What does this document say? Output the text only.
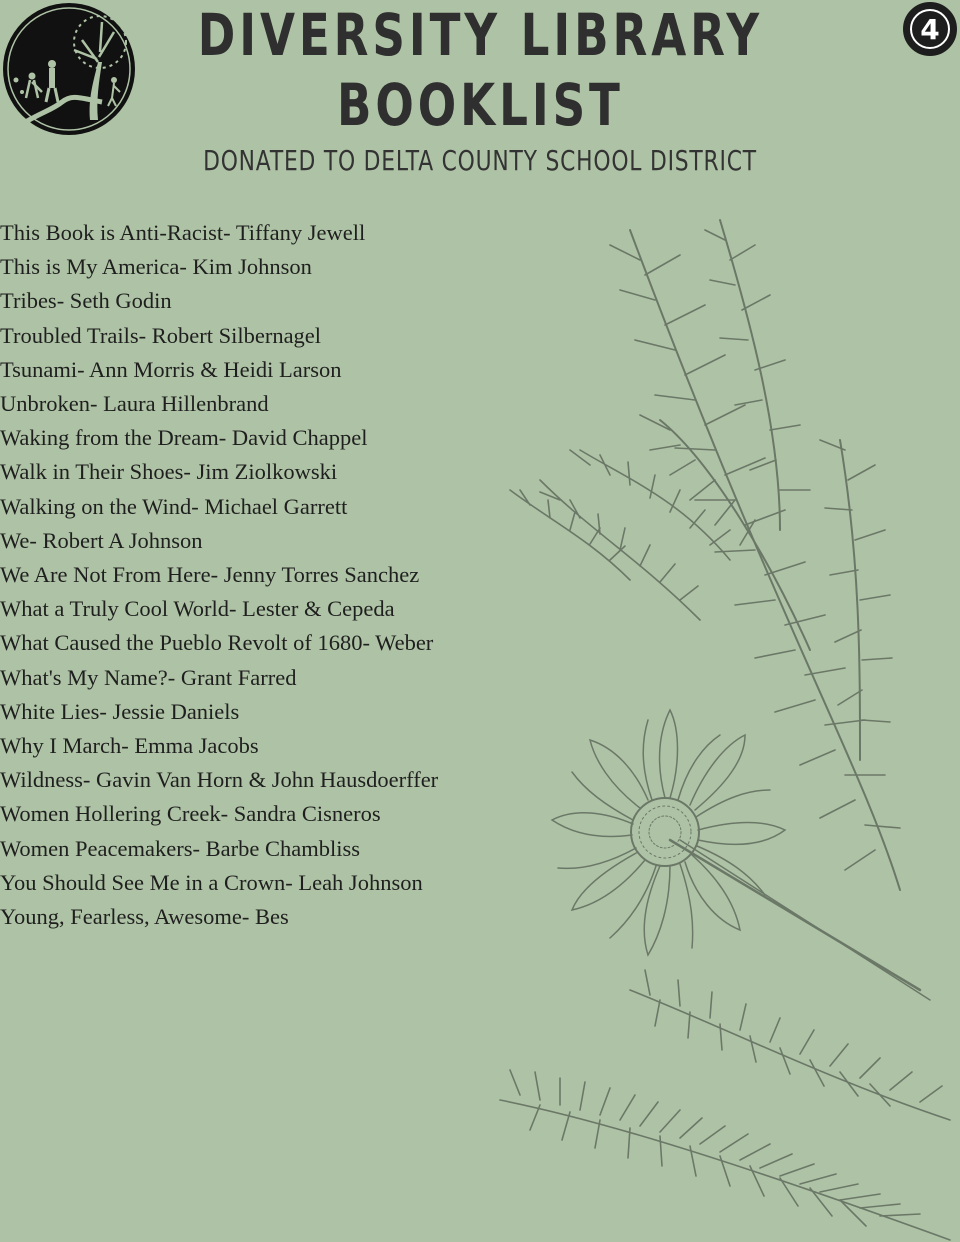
DIVERSITY LIBRARY
BOOKLIST
DONATED TO DELTA COUNTY SCHOOL DISTRICT
4
This Book is Anti-Racist- Tiffany Jewell
This is My America- Kim Johnson
Tribes- Seth Godin
Troubled Trails- Robert Silbernagel
Tsunami- Ann Morris & Heidi Larson
Unbroken- Laura Hillenbrand
Waking from the Dream- David Chappel
Walk in Their Shoes- Jim Ziolkowski
Walking on the Wind- Michael Garrett
We- Robert A Johnson
We Are Not From Here- Jenny Torres Sanchez
What a Truly Cool World- Lester & Cepeda
What Caused the Pueblo Revolt of 1680- Weber
What's My Name?- Grant Farred
White Lies- Jessie Daniels
Why I March- Emma Jacobs
Wildness- Gavin Van Horn & John Hausdoerffer
Women Hollering Creek- Sandra Cisneros
Women Peacemakers- Barbe Chambliss
You Should See Me in a Crown- Leah Johnson
Young, Fearless, Awesome- Bes
